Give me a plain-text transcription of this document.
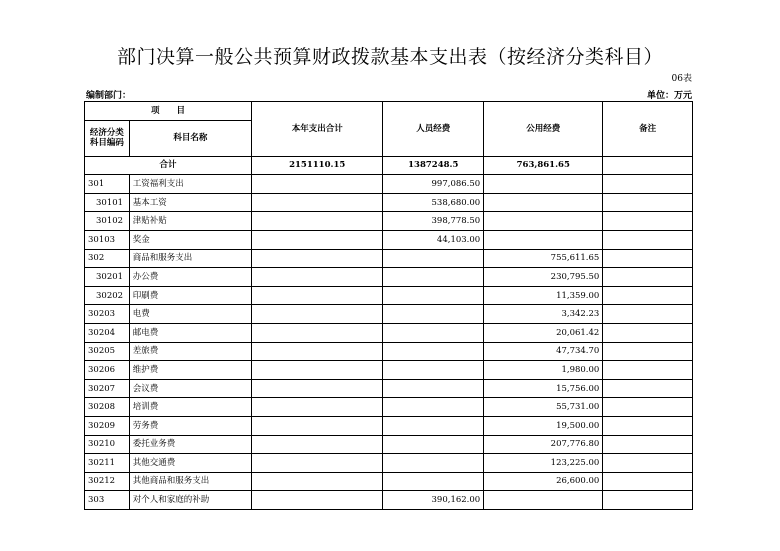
部门决算一般公共预算财政拨款基本支出表（按经济分类科目）
06表
编制部门：	单位：万元
项　　目		本年支出合计	人员经费	公用经费	备注
经济分类科目编码	科目名称				
合计		2151110.15	1387248.5	763,861.65	
301	工资福利支出		997,086.50		
30101	基本工资		538,680.00		
30102	津贴补贴		398,778.50		
30103	奖金		44,103.00		
302	商品和服务支出			755,611.65	
30201	办公费			230,795.50	
30202	印刷费			11,359.00	
30203	电费			3,342.23	
30204	邮电费			20,061.42	
30205	差旅费			47,734.70	
30206	维护费			1,980.00	
30207	会议费			15,756.00	
30208	培训费			55,731.00	
30209	劳务费			19,500.00	
30210	委托业务费			207,776.80	
30211	其他交通费			123,225.00	
30212	其他商品和服务支出			26,600.00	
303	对个人和家庭的补助		390,162.00		
